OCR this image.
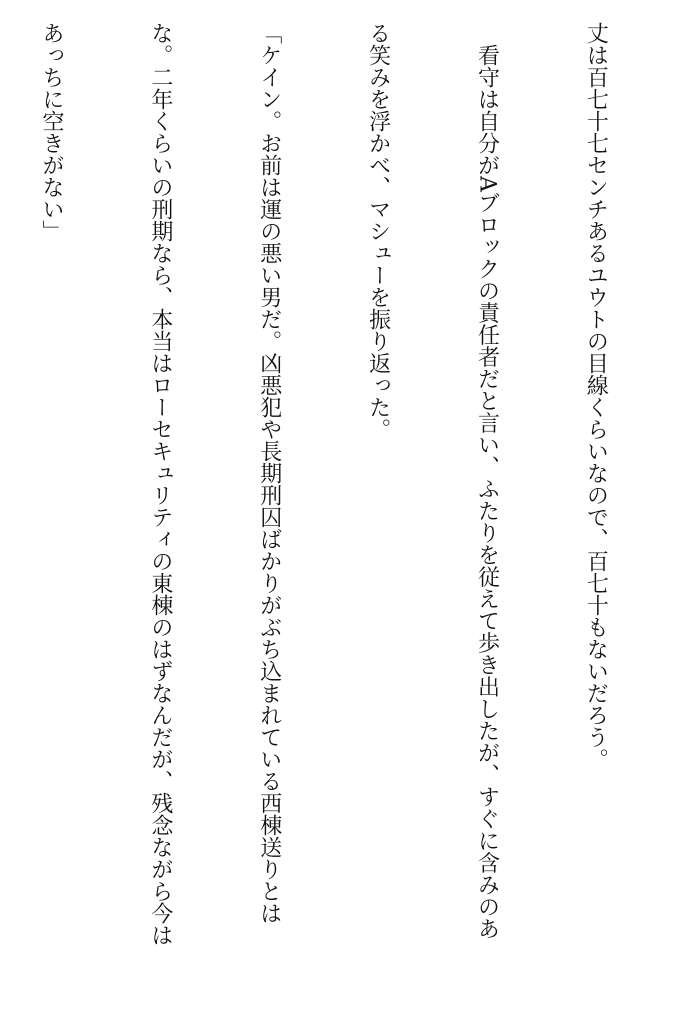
丈は百七十七センチあるユウトの目線くらいなので、百七十もないだろう。

　看守は自分がAブロックの責任者だと言い、ふたりを従えて歩き出したが、すぐに含みのあ

る笑みを浮かべ、マシューを振り返った。

「ケイン。お前は運の悪い男だ。凶悪犯や長期刑囚ばかりがぶち込まれている西棟送りとは

な。二年くらいの刑期なら、本当はローセキュリティの東棟のはずなんだが、残念ながら今は

あっちに空きがない」
